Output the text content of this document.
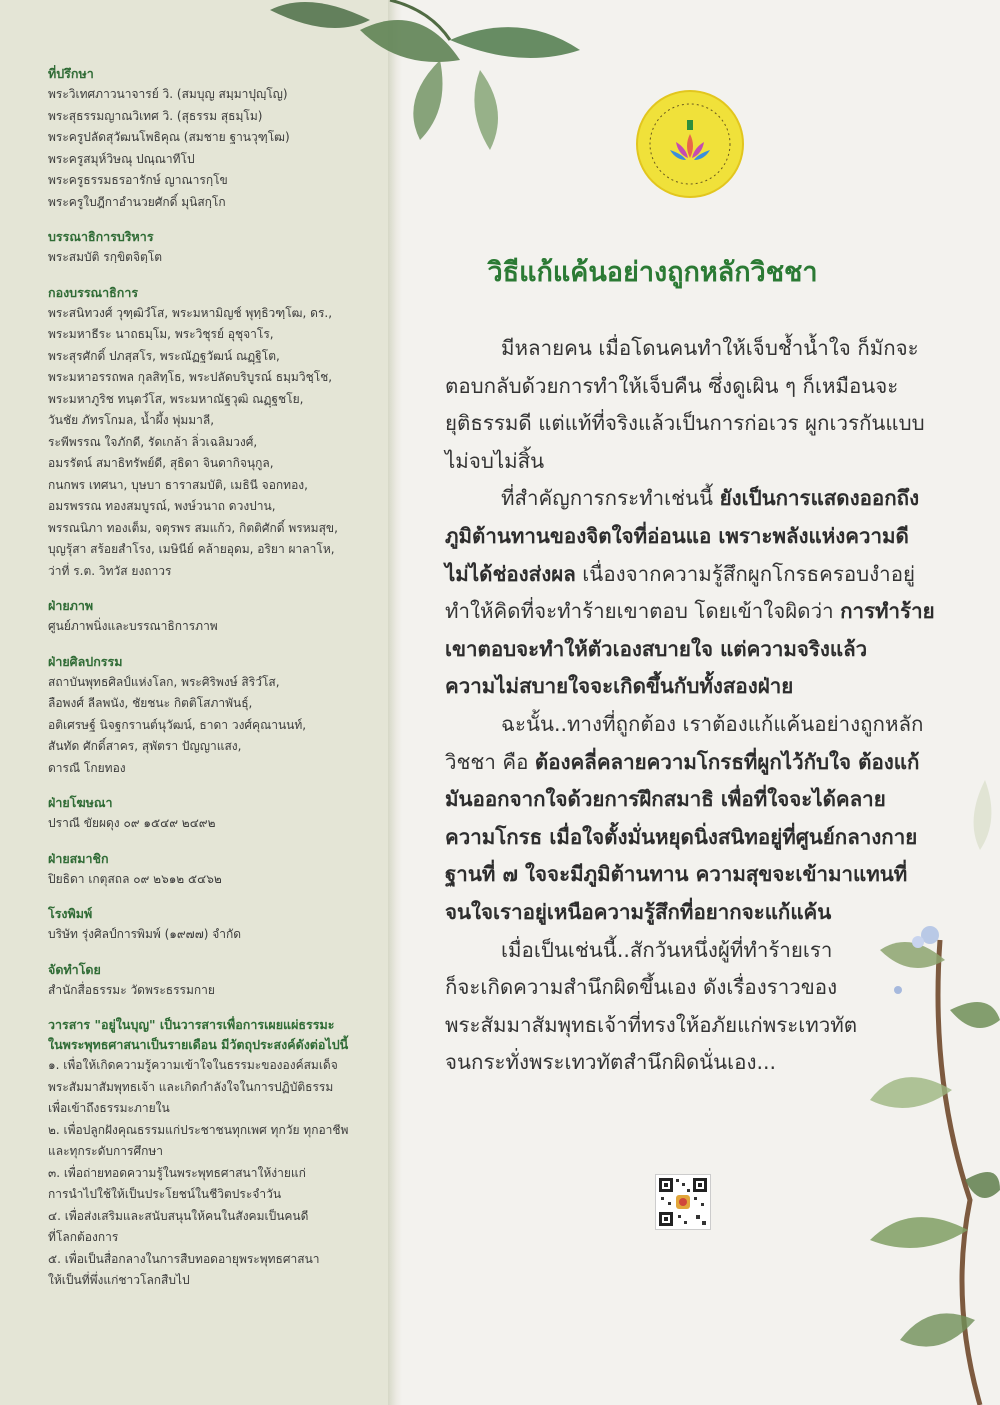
ที่ปรึกษา
พระวิเทศภาวนาจารย์ วิ. (สมบุญ สมฺมาปุญฺโญ)
พระสุธรรมญาณวิเทศ วิ. (สุธรรม สุธมฺโม)
พระครูปลัดสุวัฒนโพธิคุณ (สมชาย ฐานวุฑฺโฒ)
พระครูสมุห์วิษณุ ปณฺณาทีโป
พระครูธรรมธรอารักษ์ ญาณารกฺโข
พระครูใบฎีกาอำนวยศักดิ์ มุนิสกฺโก
บรรณาธิการบริหาร
พระสมบัติ รกฺขิตจิตฺโต
กองบรรณาธิการ
พระสนิทวงศ์ วุฑฺฒิวํโส, พระมหามิญช์ พุทฺธิวฑฺโฒ, ดร.,
พระมหาธีระ นาถธมฺโม, พระวิชุรย์ อุชุจาโร,
พระสุรศักดิ์ ปภสฺสโร, พระณัฏฐวัฒน์ ณฏฺฐิโต,
พระมหาอรรถพล กุลสิทฺโธ, พระปลัดบริบูรณ์ ธมฺมวิชฺโช,
พระมหาภูริช ทนฺตวํโส, พระมหาณัฐวุฒิ ณฏฺฐชโย,
วันชัย ภัทรโกมล, น้ำผึ้ง พุ่มมาลี,
ระพีพรรณ ใจภักดี, รัดเกล้า ลิ่วเฉลิมวงศ์,
อมรรัตน์ สมาธิทรัพย์ดี, สุธิดา จินดากิจนุกูล,
กนกพร เทศนา, บุษบา ธาราสมบัติ, เมธินี จอกทอง,
อมรพรรณ ทองสมบูรณ์, พงษ์วนาถ ดวงปาน,
พรรณนิภา ทองเต็ม, จตุรพร สมแก้ว, กิตติศักดิ์ พรหมสุข,
บุญรุ้สา สร้อยสำโรง, เมษินีย์ คล้ายอุดม, อริยา ผาลาโห,
ว่าที่ ร.ต. วิทวัส ยงถาวร
ฝ่ายภาพ
ศูนย์ภาพนิ่งและบรรณาธิการภาพ
ฝ่ายศิลปกรรม
สถาบันพุทธศิลป์แห่งโลก, พระศิริพงษ์ สิริวํโส,
ลือพงศ์ ลีลพนัง, ชัยชนะ กิตติโสภาพันธุ์,
อติเศรษฐ์ นิจฐกรานต์นุวัฒน์, ธาดา วงศ์คุณานนท์,
สันทัด ศักดิ์สาคร, สุพัตรา ปัญญาแสง,
ดารณี โกยทอง
ฝ่ายโฆษณา
ปราณี ขัยผดุง ๐๙ ๑๕๔๙ ๒๔๙๒
ฝ่ายสมาชิก
ปิยธิดา เกตุสถล ๐๙ ๒๖๑๒ ๕๔๖๒
โรงพิมพ์
บริษัท รุ่งศิลป์การพิมพ์ (๑๙๗๗) จำกัด
จัดทำโดย
สำนักสื่อธรรมะ วัดพระธรรมกาย
วารสาร "อยู่ในบุญ" เป็นวารสารเพื่อการเผยแผ่ธรรมะ
ในพระพุทธศาสนาเป็นรายเดือน มีวัตถุประสงค์ดังต่อไปนี้
๑. เพื่อให้เกิดความรู้ความเข้าใจในธรรมะขององค์สมเด็จ
พระสัมมาสัมพุทธเจ้า และเกิดกำลังใจในการปฏิบัติธรรม
เพื่อเข้าถึงธรรมะภายใน
๒. เพื่อปลูกฝังคุณธรรมแก่ประชาชนทุกเพศ ทุกวัย ทุกอาชีพ
และทุกระดับการศึกษา
๓. เพื่อถ่ายทอดความรู้ในพระพุทธศาสนาให้ง่ายแก่
การนำไปใช้ให้เป็นประโยชน์ในชีวิตประจำวัน
๔. เพื่อส่งเสริมและสนับสนุนให้คนในสังคมเป็นคนดี
ที่โลกต้องการ
๕. เพื่อเป็นสื่อกลางในการสืบทอดอายุพระพุทธศาสนา
ให้เป็นที่พึ่งแก่ชาวโลกสืบไป
วิธีแก้แค้นอย่างถูกหลักวิชชา

มีหลายคน เมื่อโดนคนทำให้เจ็บช้ำน้ำใจ ก็มักจะ
ตอบกลับด้วยการทำให้เจ็บคืน ซึ่งดูเผิน ๆ ก็เหมือนจะ
ยุติธรรมดี แต่แท้ที่จริงแล้วเป็นการก่อเวร ผูกเวรกันแบบ
ไม่จบไม่สิ้น

ที่สำคัญการกระทำเช่นนี้ ยังเป็นการแสดงออกถึง
ภูมิต้านทานของจิตใจที่อ่อนแอ เพราะพลังแห่งความดี
ไม่ได้ช่องส่งผล เนื่องจากความรู้สึกผูกโกรธครอบงำอยู่
ทำให้คิดที่จะทำร้ายเขาตอบ โดยเข้าใจผิดว่า การทำร้าย
เขาตอบจะทำให้ตัวเองสบายใจ แต่ความจริงแล้ว
ความไม่สบายใจจะเกิดขึ้นกับทั้งสองฝ่าย

ฉะนั้น..ทางที่ถูกต้อง เราต้องแก้แค้นอย่างถูกหลัก
วิชชา คือ ต้องคลี่คลายความโกรธที่ผูกไว้กับใจ ต้องแก้
มันออกจากใจด้วยการฝึกสมาธิ เพื่อที่ใจจะได้คลาย
ความโกรธ เมื่อใจตั้งมั่นหยุดนิ่งสนิทอยู่ที่ศูนย์กลางกาย
ฐานที่ ๗ ใจจะมีภูมิต้านทาน ความสุขจะเข้ามาแทนที่
จนใจเราอยู่เหนือความรู้สึกที่อยากจะแก้แค้น

เมื่อเป็นเช่นนี้..สักวันหนึ่งผู้ที่ทำร้ายเรา
ก็จะเกิดความสำนึกผิดขึ้นเอง ดังเรื่องราวของ
พระสัมมาสัมพุทธเจ้าที่ทรงให้อภัยแก่พระเทวทัต
จนกระทั่งพระเทวทัตสำนึกผิดนั่นเอง...
